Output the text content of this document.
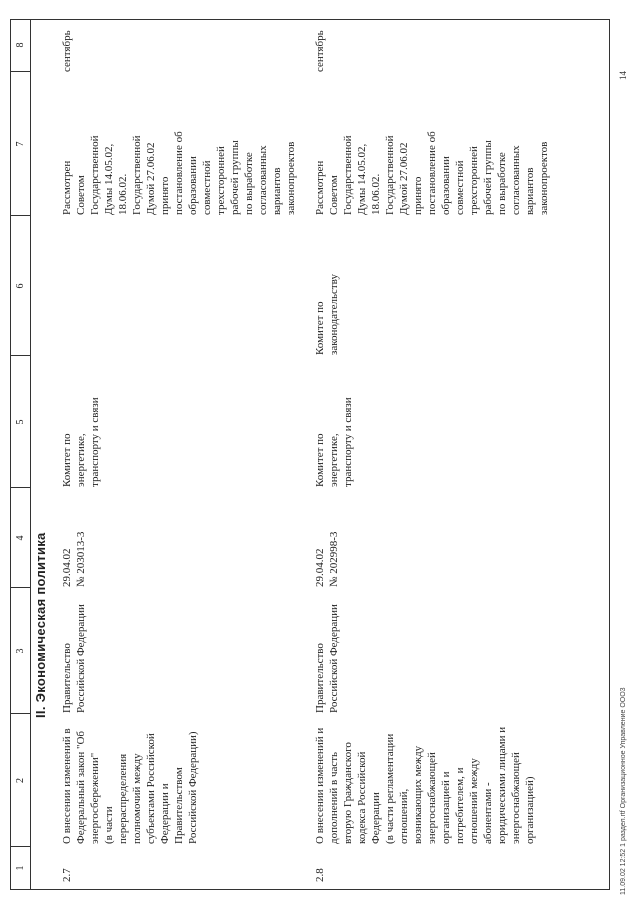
1
2
3
4
5
6
7
8
II. Экономическая политика
2.7
О внесении изменений в
Федеральный закон "Об
энергосбережении"
(в части
перераспределения
полномочий между
субъектами Российской
Федерации и
Правительством
Российской Федерации)
Правительство
Российской Федерации
29.04.02
№ 203013-3
Комитет по
энергетике,
транспорту и связи
Рассмотрен
Советом
Государственной
Думы 14.05.02,
18.06.02.
Государственной
Думой 27.06.02
принято
постановление об
образовании
совместной
трехсторонней
рабочей группы
по выработке
согласованных
вариантов
законопроектов
сентябрь
2.8
О внесении изменений и
дополнений в часть
вторую Гражданского
кодекса Российской
Федерации
(в части регламентации
отношений,
возникающих между
энергоснабжающей
организацией и
потребителем, и
отношений между
абонентами -
юридическими лицами и
энергоснабжающей
организацией)
Правительство
Российской Федерации
29.04.02
№ 202998-3
Комитет по
энергетике,
транспорту и связи
Комитет по
законодательству
Рассмотрен
Советом
Государственной
Думы 14.05.02,
18.06.02.
Государственной
Думой 27.06.02
принято
постановление об
образовании
совместной
трехсторонней
рабочей группы
по выработке
согласованных
вариантов
законопроектов
сентябрь
11.09.02 12:52 1 раздел.rtf Организационное Управление ООО3
14
